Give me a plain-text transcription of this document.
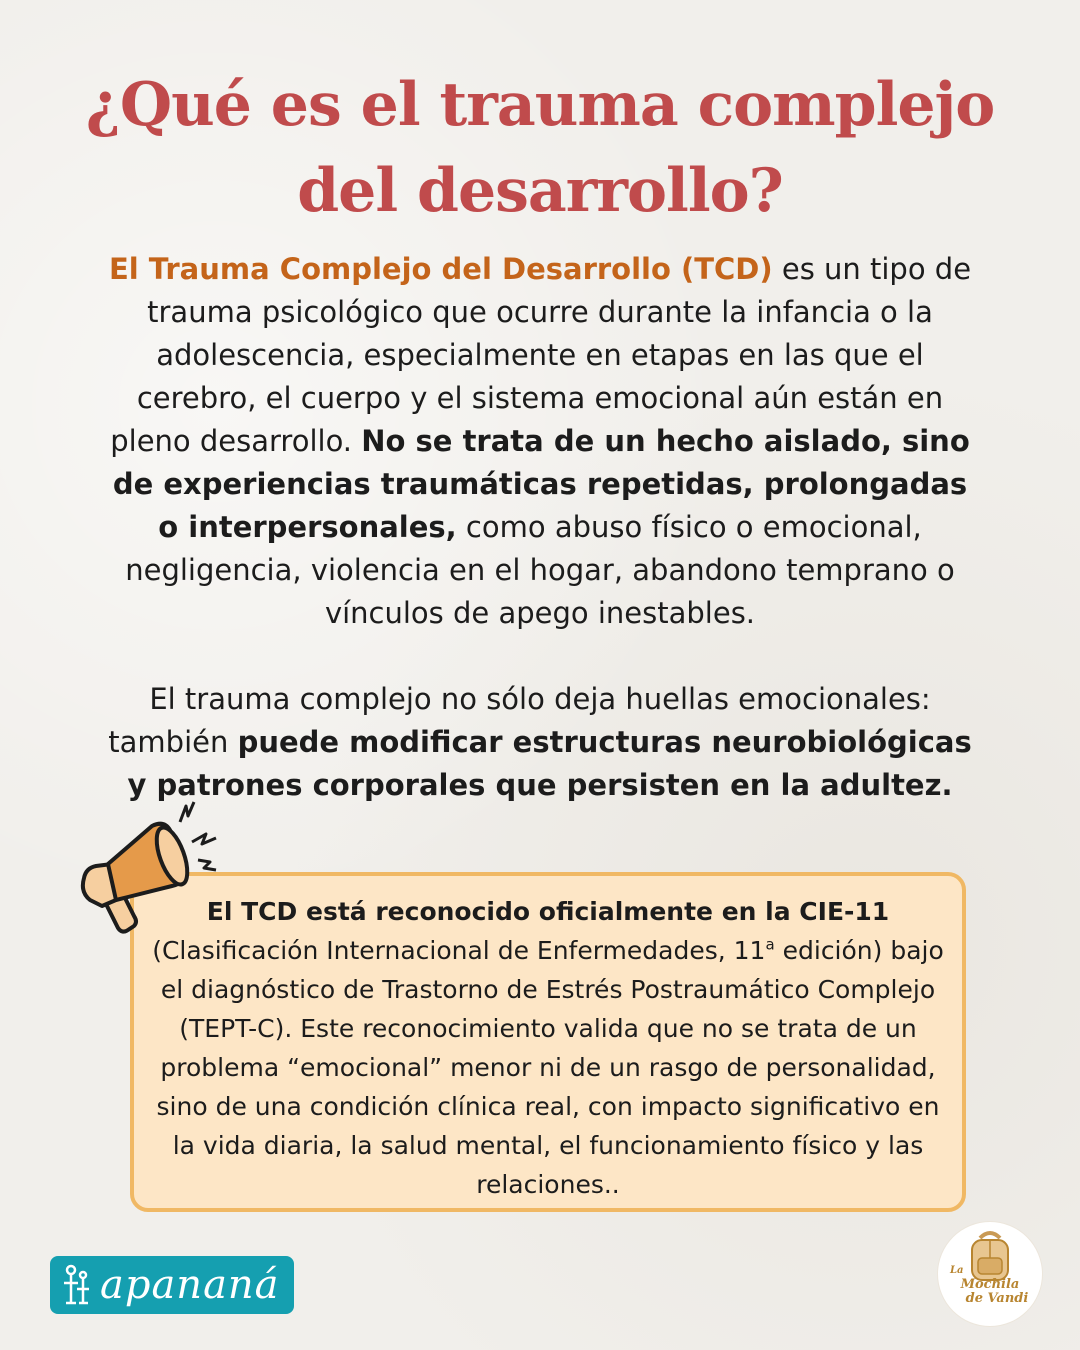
¿Qué es el trauma complejo
del desarrollo?

El Trauma Complejo del Desarrollo (TCD) es un tipo de trauma psicológico que ocurre durante la infancia o la adolescencia, especialmente en etapas en las que el cerebro, el cuerpo y el sistema emocional aún están en pleno desarrollo. No se trata de un hecho aislado, sino de experiencias traumáticas repetidas, prolongadas o interpersonales, como abuso físico o emocional, negligencia, violencia en el hogar, abandono temprano o vínculos de apego inestables.

El trauma complejo no sólo deja huellas emocionales: también puede modificar estructuras neurobiológicas y patrones corporales que persisten en la adultez.

El TCD está reconocido oficialmente en la CIE-11
(Clasificación Internacional de Enfermedades, 11$^a$ edición) bajo el diagnóstico de Trastorno de Estrés Postraumático Complejo (TEPT-C). Este reconocimiento valida que no se trata de un problema “emocional” menor ni de un rasgo de personalidad, sino de una condición clínica real, con impacto significativo en la vida diaria, la salud mental, el funcionamiento físico y las relaciones..
apananá	La
Mochila
de Vandi
